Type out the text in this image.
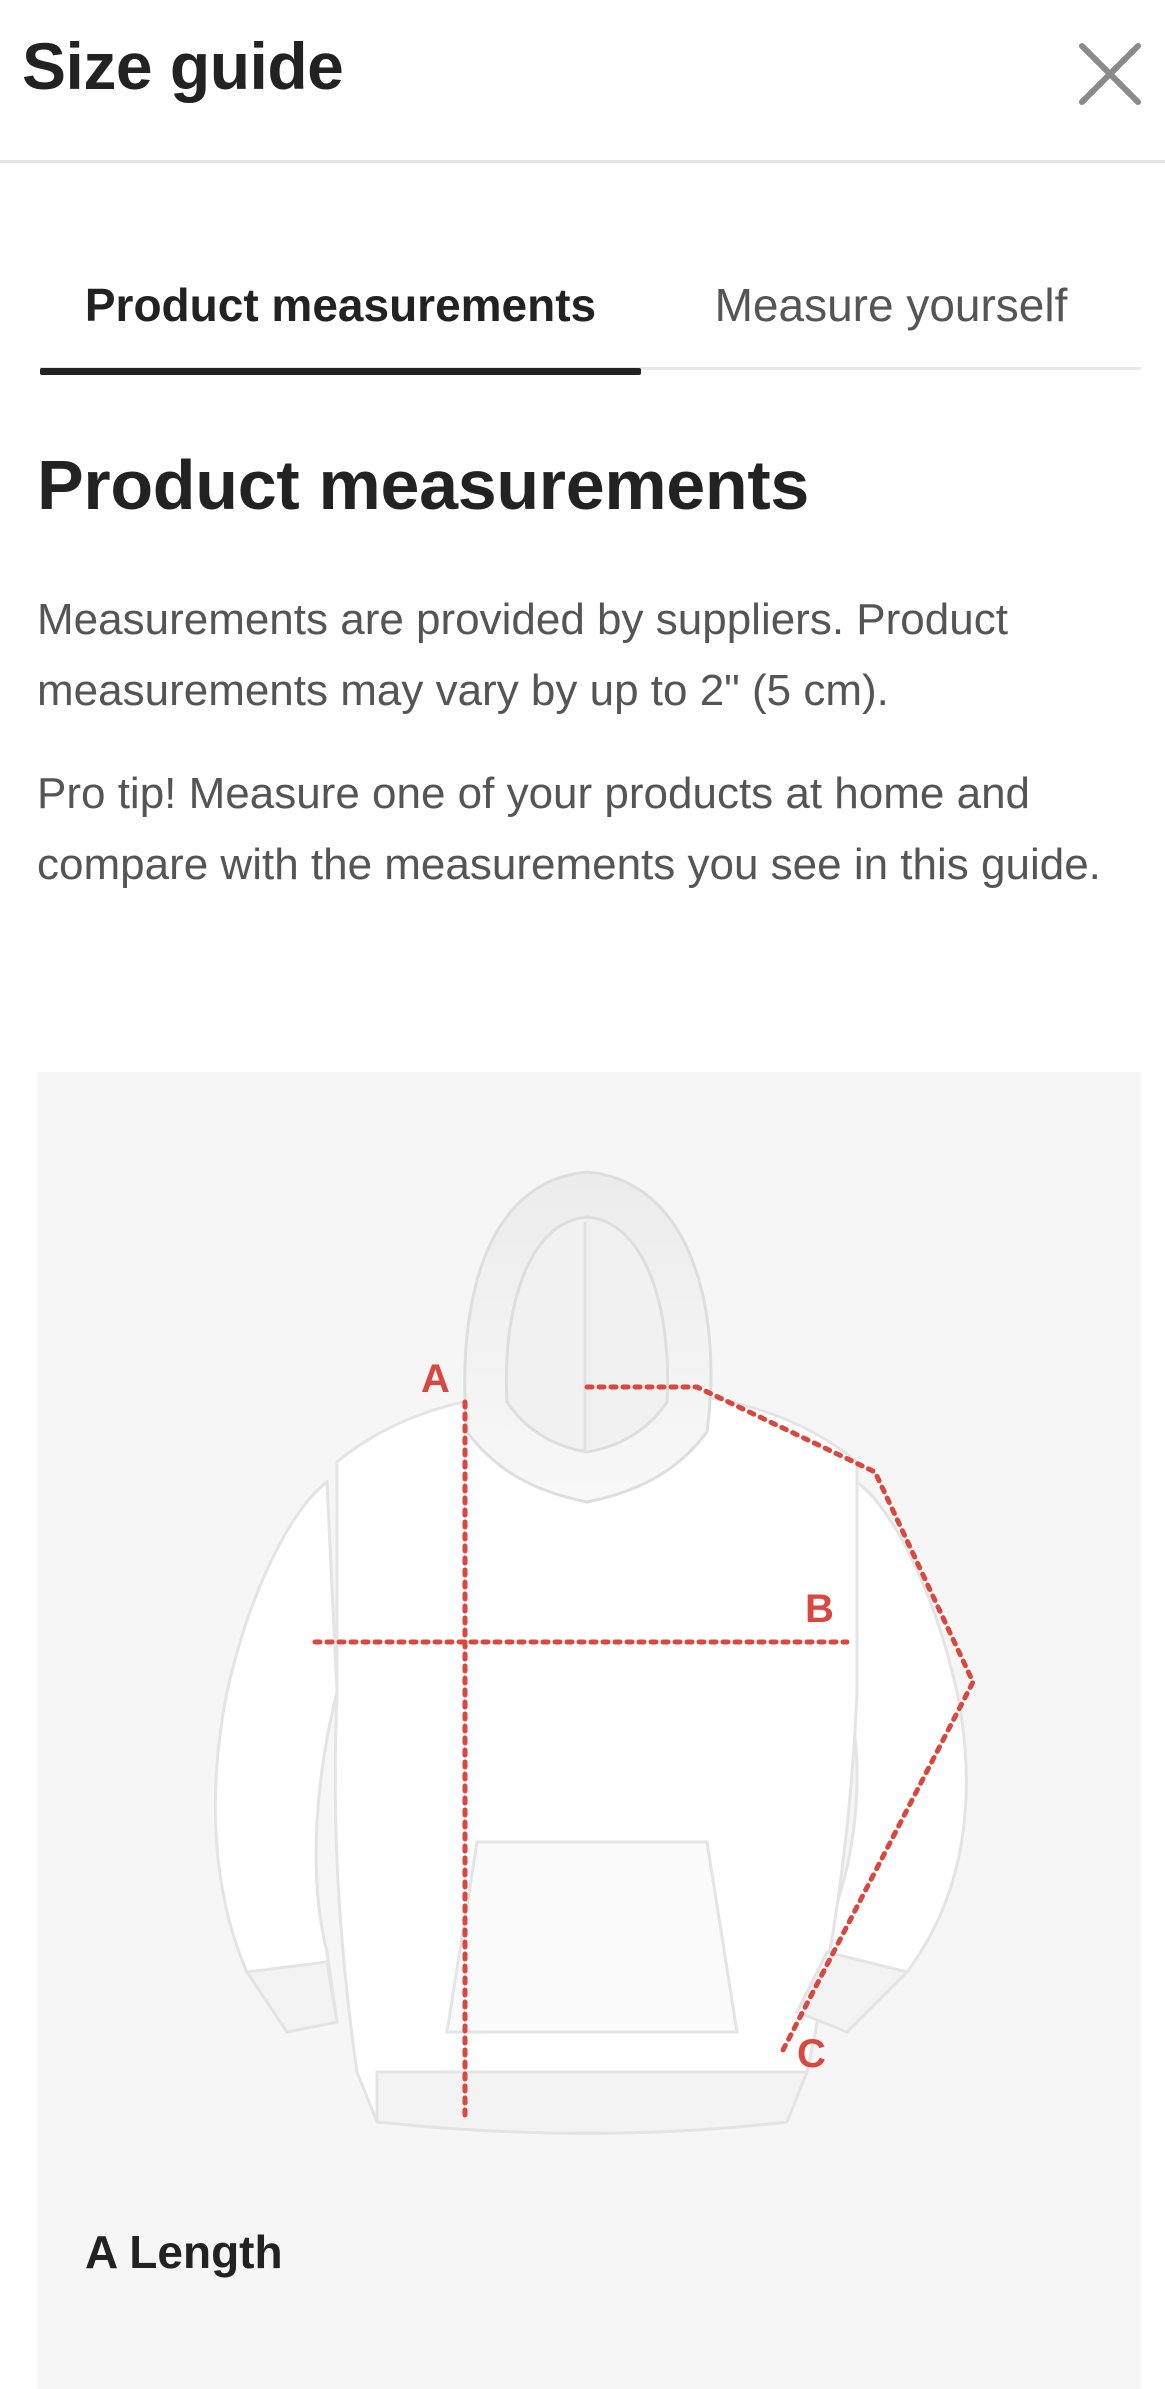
Size guide
Product measurements	Measure yourself
Product measurements

Measurements are provided by suppliers. Product measurements may vary by up to 2" (5 cm).

Pro tip! Measure one of your products at home and compare with the measurements you see in this guide.

A
B
C
A Length
